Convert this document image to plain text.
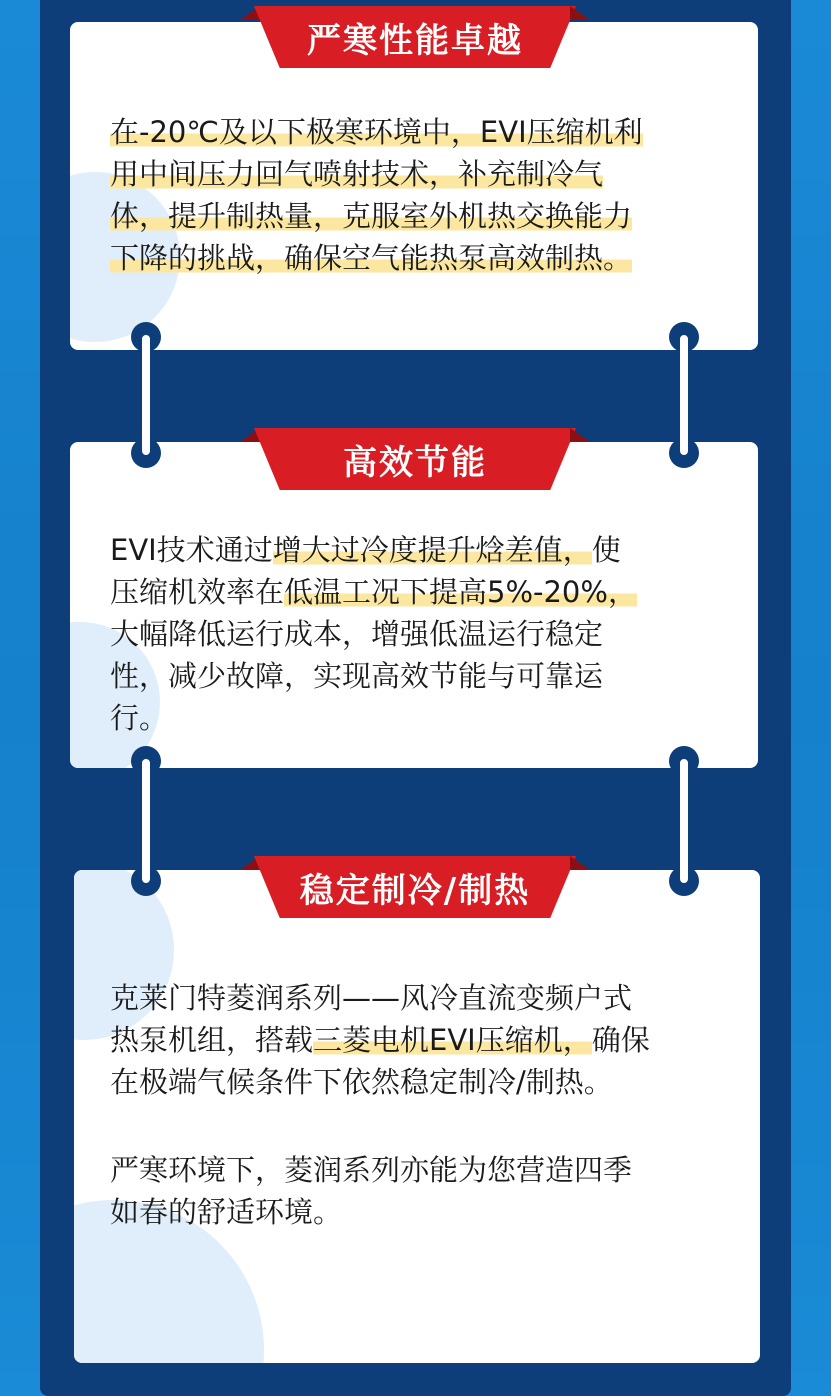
严寒性能卓越
在-20℃及以下极寒环境中，EVI压缩机利
用中间压力回气喷射技术，补充制冷气
体，提升制热量，克服室外机热交换能力
下降的挑战，确保空气能热泵高效制热。
高效节能
EVI技术通过增大过冷度提升焓差值，使
压缩机效率在低温工况下提高5%-20%，
大幅降低运行成本，增强低温运行稳定
性，减少故障，实现高效节能与可靠运
行。
稳定制冷/制热
克莱门特菱润系列——风冷直流变频户式
热泵机组，搭载三菱电机EVI压缩机，确保
在极端气候条件下依然稳定制冷/制热。
严寒环境下，菱润系列亦能为您营造四季
如春的舒适环境。
